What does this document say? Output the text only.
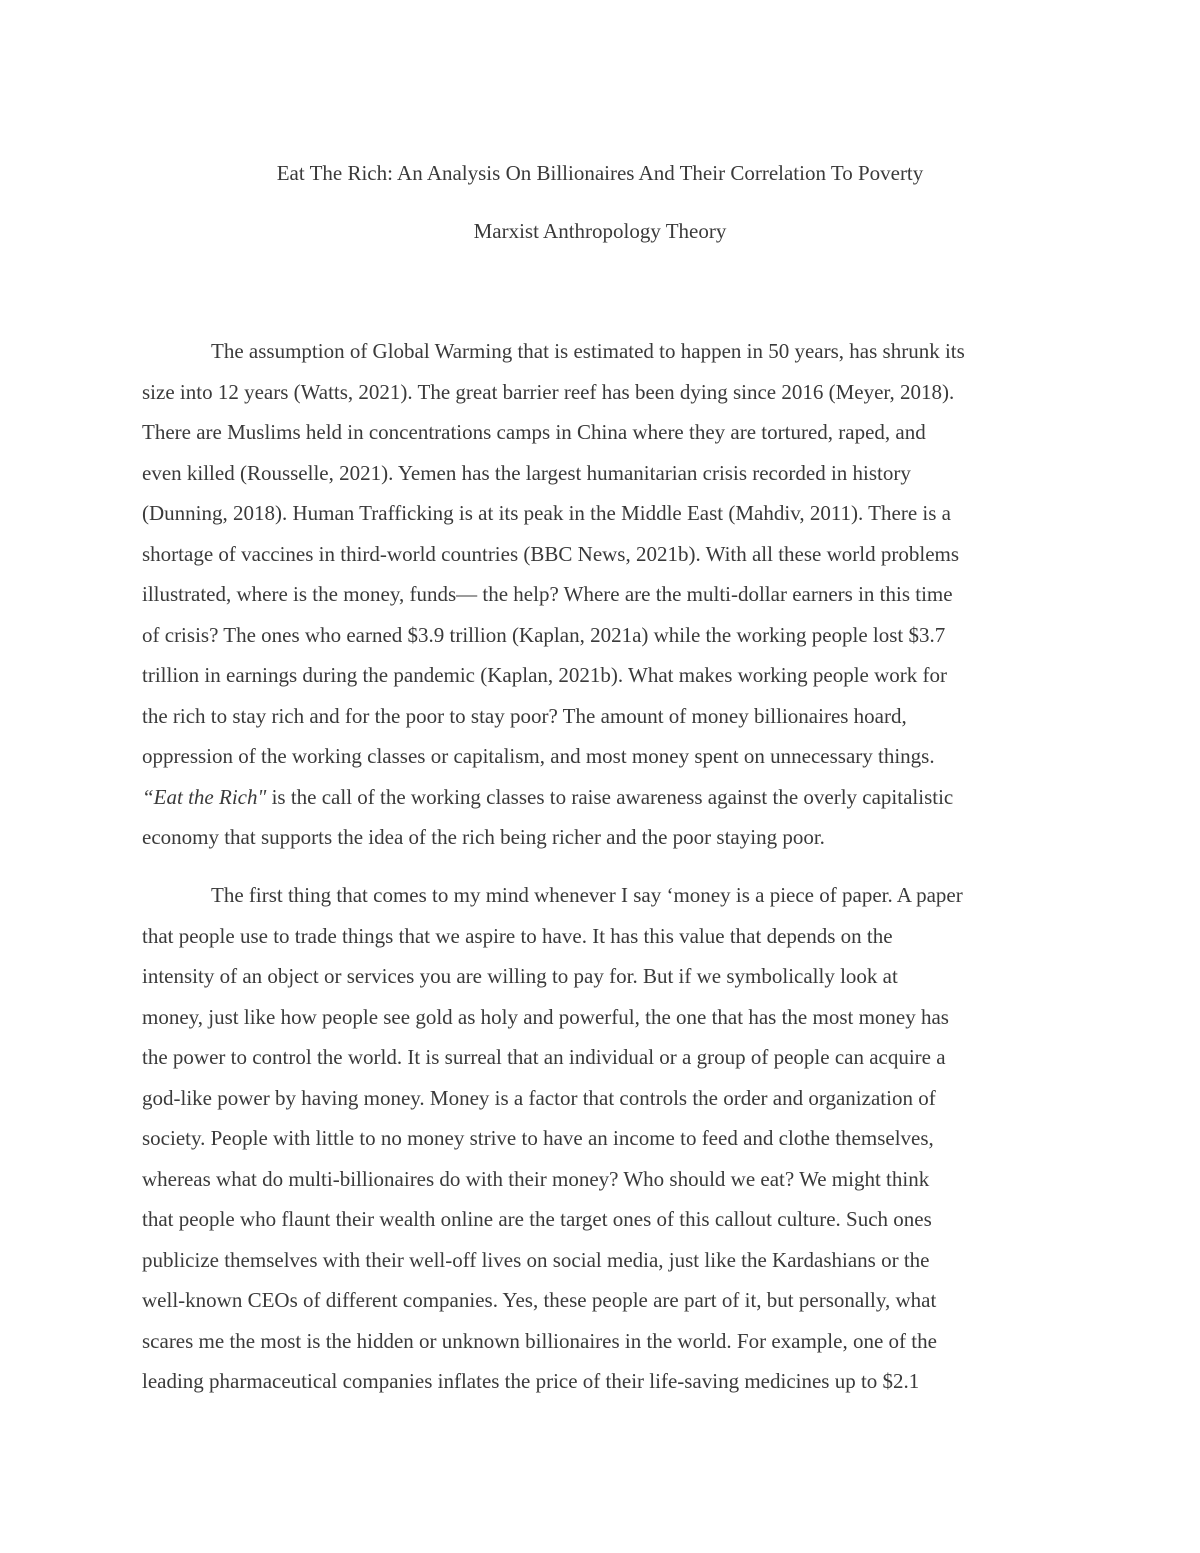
Eat The Rich: An Analysis On Billionaires And Their Correlation To Poverty
Marxist Anthropology Theory
The assumption of Global Warming that is estimated to happen in 50 years, has shrunk its
size into 12 years (Watts, 2021). The great barrier reef has been dying since 2016 (Meyer, 2018).
There are Muslims held in concentrations camps in China where they are tortured, raped, and
even killed (Rousselle, 2021). Yemen has the largest humanitarian crisis recorded in history
(Dunning, 2018). Human Trafficking is at its peak in the Middle East (Mahdiv, 2011). There is a
shortage of vaccines in third-world countries (BBC News, 2021b). With all these world problems
illustrated, where is the money, funds— the help? Where are the multi-dollar earners in this time
of crisis? The ones who earned $3.9 trillion (Kaplan, 2021a) while the working people lost $3.7
trillion in earnings during the pandemic (Kaplan, 2021b). What makes working people work for
the rich to stay rich and for the poor to stay poor? The amount of money billionaires hoard,
oppression of the working classes or capitalism, and most money spent on unnecessary things.
“Eat the Rich" is the call of the working classes to raise awareness against the overly capitalistic
economy that supports the idea of the rich being richer and the poor staying poor.
The first thing that comes to my mind whenever I say ‘money is a piece of paper. A paper
that people use to trade things that we aspire to have. It has this value that depends on the
intensity of an object or services you are willing to pay for. But if we symbolically look at
money, just like how people see gold as holy and powerful, the one that has the most money has
the power to control the world. It is surreal that an individual or a group of people can acquire a
god-like power by having money. Money is a factor that controls the order and organization of
society. People with little to no money strive to have an income to feed and clothe themselves,
whereas what do multi-billionaires do with their money? Who should we eat? We might think
that people who flaunt their wealth online are the target ones of this callout culture. Such ones
publicize themselves with their well-off lives on social media, just like the Kardashians or the
well-known CEOs of different companies. Yes, these people are part of it, but personally, what
scares me the most is the hidden or unknown billionaires in the world. For example, one of the
leading pharmaceutical companies inflates the price of their life-saving medicines up to $2.1
